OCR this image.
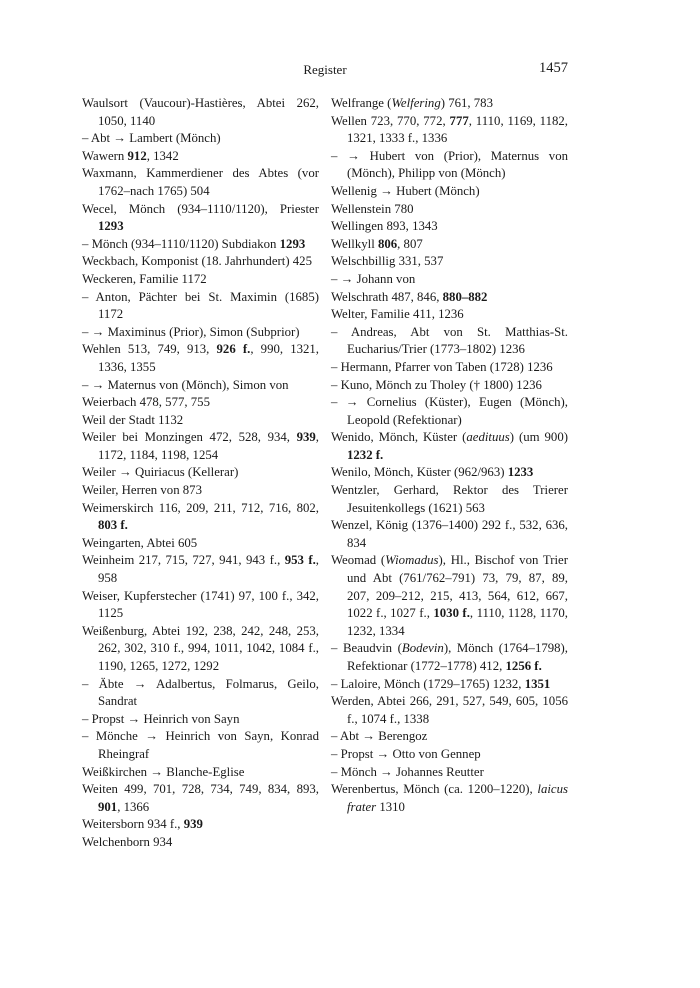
Register	1457

Waulsort (Vaucour)-Hastières, Abtei 262, 1050, 1140

– Abt → Lambert (Mönch)

Wawern 912, 1342

Waxmann, Kammerdiener des Abtes (vor 1762–nach 1765) 504

Wecel, Mönch (934–1110/1120), Priester 1293

– Mönch (934–1110/1120) Subdiakon 1293

Weckbach, Komponist (18. Jahrhundert) 425

Weckeren, Familie 1172

– Anton, Pächter bei St. Maximin (1685) 1172

– → Maximinus (Prior), Simon (Subprior)

Wehlen 513, 749, 913, 926 f., 990, 1321, 1336, 1355

– → Maternus von (Mönch), Simon von

Weierbach 478, 577, 755

Weil der Stadt 1132

Weiler bei Monzingen 472, 528, 934, 939, 1172, 1184, 1198, 1254

Weiler → Quiriacus (Kellerar)

Weiler, Herren von 873

Weimerskirch 116, 209, 211, 712, 716, 802, 803 f.

Weingarten, Abtei 605

Weinheim 217, 715, 727, 941, 943 f., 953 f., 958

Weiser, Kupferstecher (1741) 97, 100 f., 342, 1125

Weißenburg, Abtei 192, 238, 242, 248, 253, 262, 302, 310 f., 994, 1011, 1042, 1084 f., 1190, 1265, 1272, 1292

– Äbte → Adalbertus, Folmarus, Geilo, Sandrat

– Propst → Heinrich von Sayn

– Mönche → Heinrich von Sayn, Konrad Rheingraf

Weißkirchen → Blanche-Eglise

Weiten 499, 701, 728, 734, 749, 834, 893, 901, 1366

Weitersborn 934 f., 939

Welchenborn 934

Welfrange (Welfering) 761, 783

Wellen 723, 770, 772, 777, 1110, 1169, 1182, 1321, 1333 f., 1336

– → Hubert von (Prior), Maternus von (Mönch), Philipp von (Mönch)

Wellenig → Hubert (Mönch)

Wellenstein 780

Wellingen 893, 1343

Wellkyll 806, 807

Welschbillig 331, 537

– → Johann von

Welschrath 487, 846, 880–882

Welter, Familie 411, 1236

– Andreas, Abt von St. Matthias-St. Eucharius/Trier (1773–1802) 1236

– Hermann, Pfarrer von Taben (1728) 1236

– Kuno, Mönch zu Tholey († 1800) 1236

– → Cornelius (Küster), Eugen (Mönch), Leopold (Refektionar)

Wenido, Mönch, Küster (aedituus) (um 900) 1232 f.

Wenilo, Mönch, Küster (962/963) 1233

Wentzler, Gerhard, Rektor des Trierer Jesuitenkollegs (1621) 563

Wenzel, König (1376–1400) 292 f., 532, 636, 834

Weomad (Wiomadus), Hl., Bischof von Trier und Abt (761/762–791) 73, 79, 87, 89, 207, 209–212, 215, 413, 564, 612, 667, 1022 f., 1027 f., 1030 f., 1110, 1128, 1170, 1232, 1334

– Beaudvin (Bodevin), Mönch (1764–1798), Refektionar (1772–1778) 412, 1256 f.

– Laloire, Mönch (1729–1765) 1232, 1351

Werden, Abtei 266, 291, 527, 549, 605, 1056 f., 1074 f., 1338

– Abt → Berengoz

– Propst → Otto von Gennep

– Mönch → Johannes Reutter

Werenbertus, Mönch (ca. 1200–1220), laicus frater 1310
